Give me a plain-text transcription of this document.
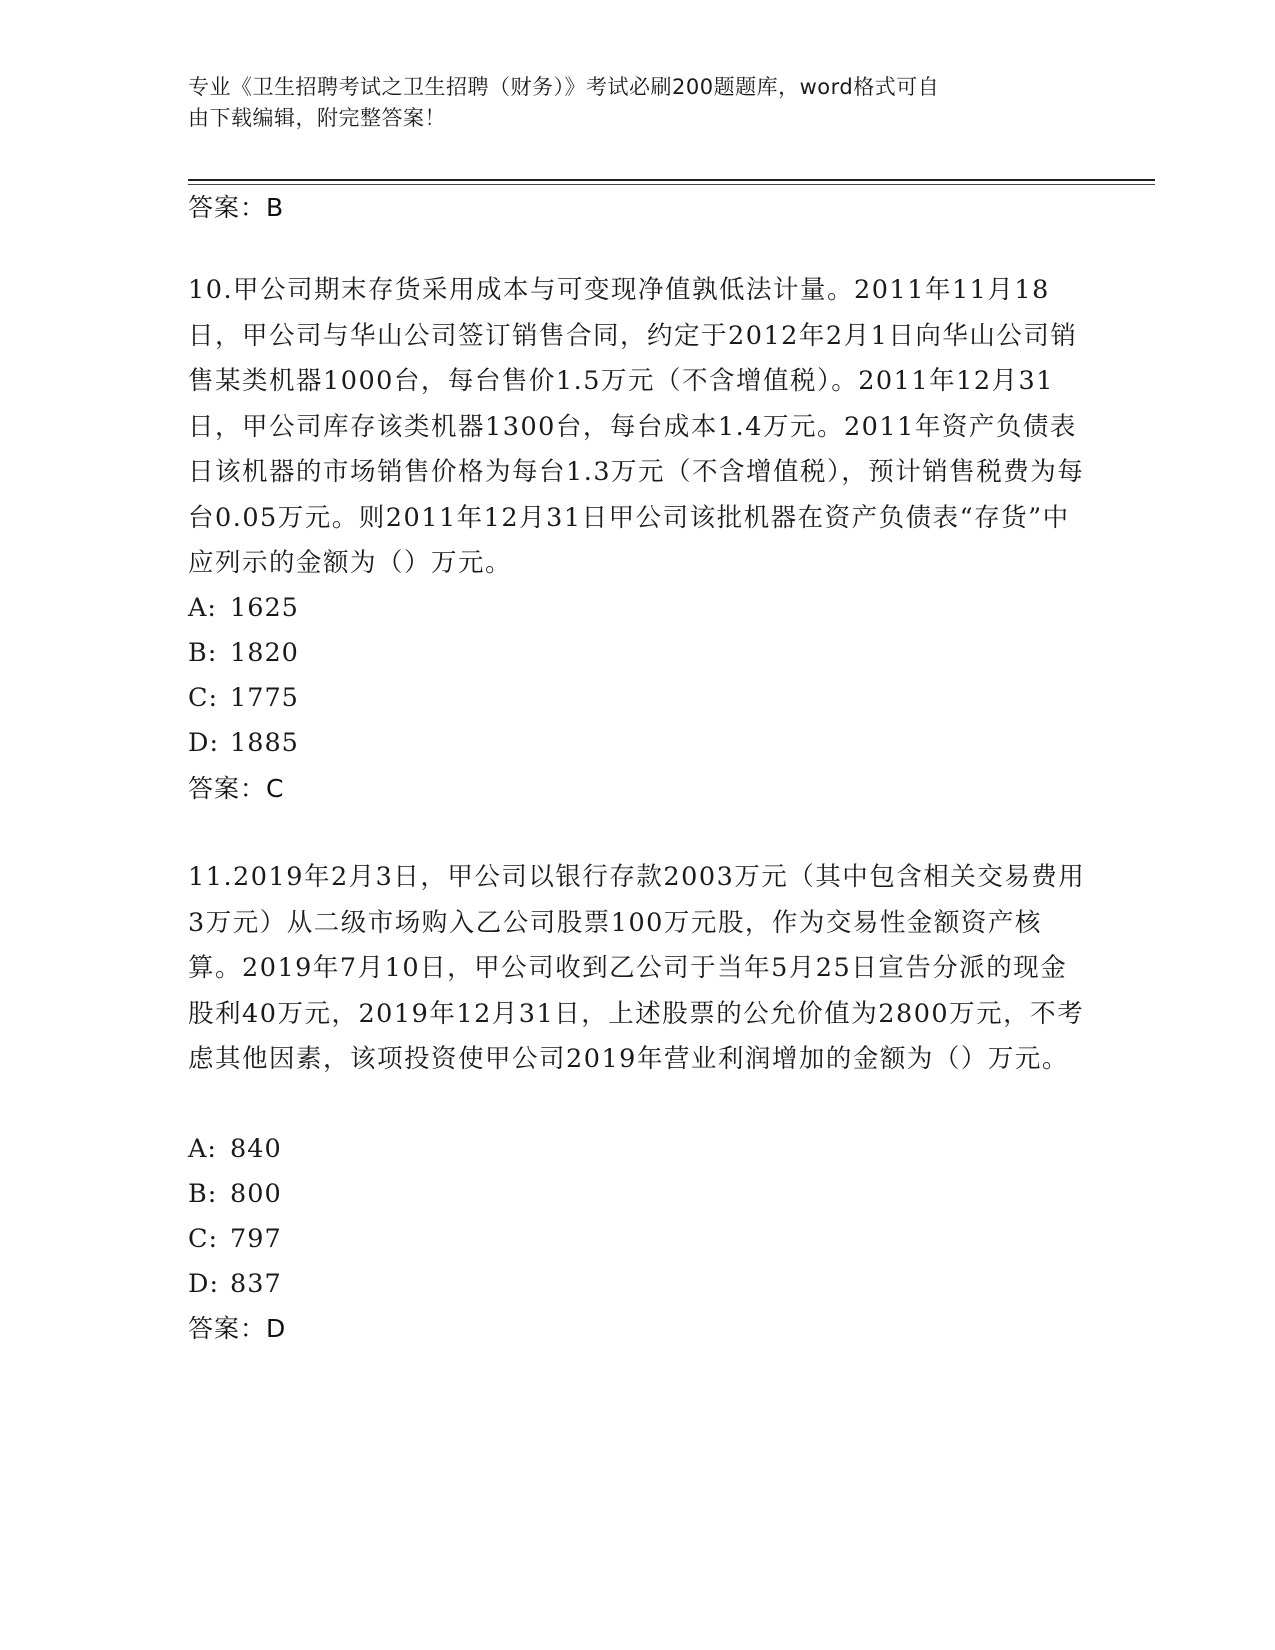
专业《卫生招聘考试之卫生招聘（财务）》考试必刷200题题库，word格式可自
由下载编辑，附完整答案！
答案：B

10.甲公司期末存货采用成本与可变现净值孰低法计量。2011年11月18日，甲公司与华山公司签订销售合同，约定于2012年2月1日向华山公司销售某类机器1000台，每台售价1.5万元（不含增值税）。2011年12月31日，甲公司库存该类机器1300台，每台成本1.4万元。2011年资产负债表日该机器的市场销售价格为每台1.3万元（不含增值税），预计销售税费为每台0.05万元。则2011年12月31日甲公司该批机器在资产负债表“存货”中应列示的金额为（）万元。

A: 1625
B: 1820
C: 1775
D: 1885
答案：C

11.2019年2月3日，甲公司以银行存款2003万元（其中包含相关交易费用3万元）从二级市场购入乙公司股票100万元股，作为交易性金额资产核算。2019年7月10日，甲公司收到乙公司于当年5月25日宣告分派的现金股利40万元，2019年12月31日，上述股票的公允价值为2800万元，不考虑其他因素，该项投资使甲公司2019年营业利润增加的金额为（）万元。

A: 840
B: 800
C: 797
D: 837
答案：D
